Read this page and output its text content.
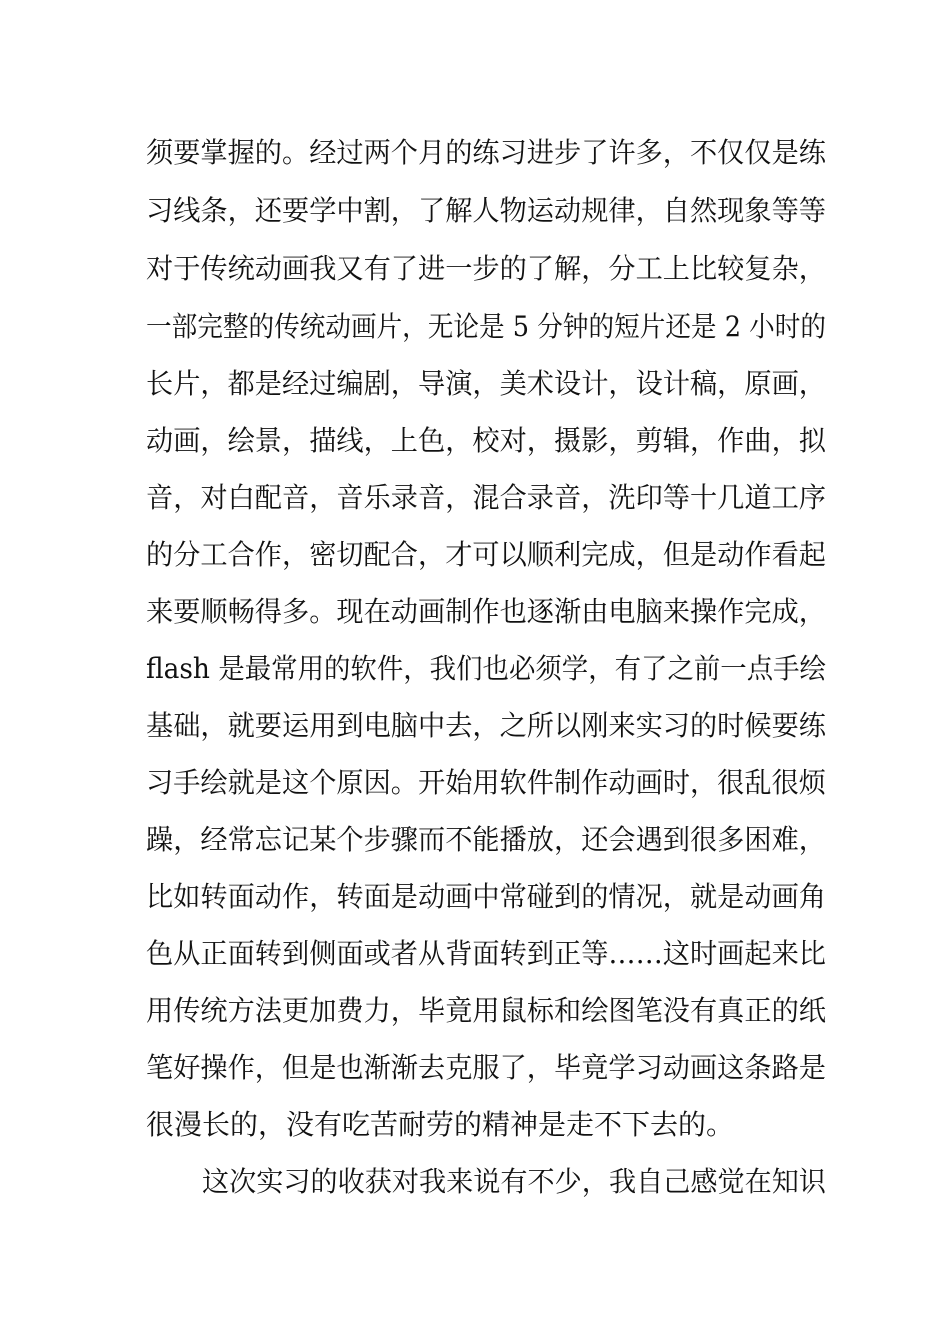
须要掌握的。经过两个月的练习进步了许多，不仅仅是练
习线条，还要学中割，了解人物运动规律，自然现象等等
对于传统动画我又有了进一步的了解，分工上比较复杂，
一部完整的传统动画片，无论是 5 分钟的短片还是 2 小时的
长片，都是经过编剧，导演，美术设计，设计稿，原画，
动画，绘景，描线，上色，校对，摄影，剪辑，作曲，拟
音，对白配音，音乐录音，混合录音，洗印等十几道工序
的分工合作，密切配合，才可以顺利完成，但是动作看起
来要顺畅得多。现在动画制作也逐渐由电脑来操作完成，
flash 是最常用的软件，我们也必须学，有了之前一点手绘
基础，就要运用到电脑中去，之所以刚来实习的时候要练
习手绘就是这个原因。开始用软件制作动画时，很乱很烦
躁，经常忘记某个步骤而不能播放，还会遇到很多困难，
比如转面动作，转面是动画中常碰到的情况，就是动画角
色从正面转到侧面或者从背面转到正等……这时画起来比
用传统方法更加费力，毕竟用鼠标和绘图笔没有真正的纸
笔好操作，但是也渐渐去克服了，毕竟学习动画这条路是
很漫长的，没有吃苦耐劳的精神是走不下去的。
这次实习的收获对我来说有不少，我自己感觉在知识
